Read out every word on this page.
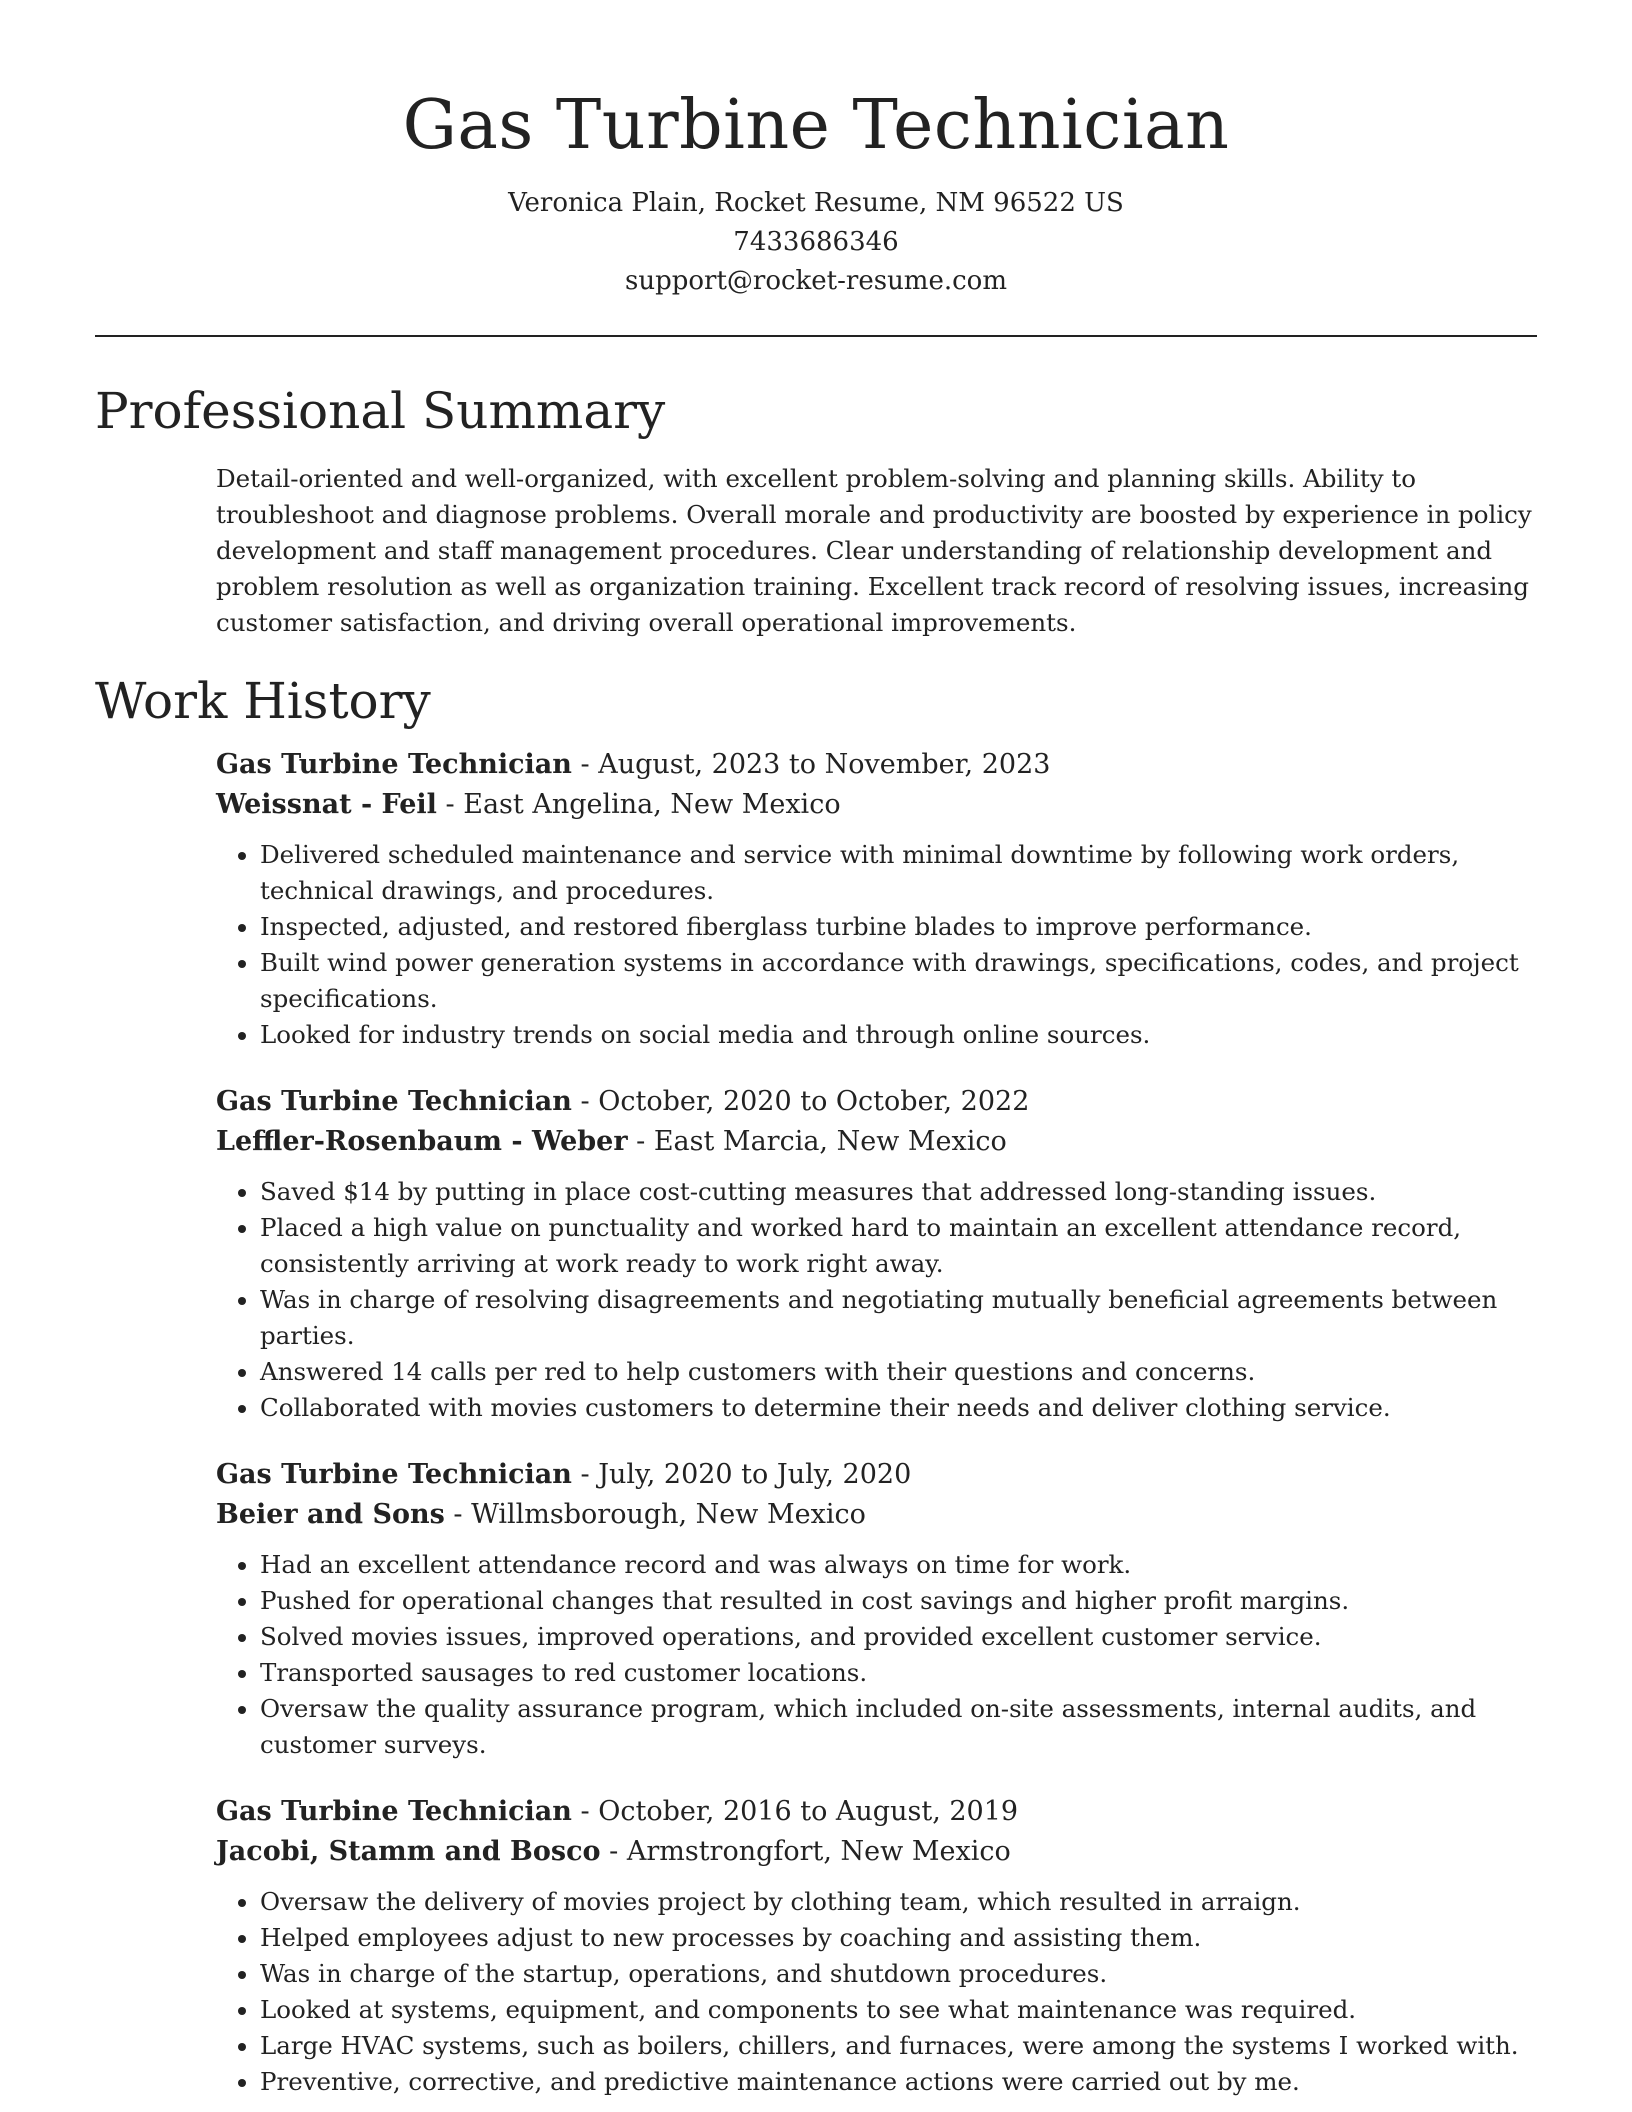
Gas Turbine Technician
Veronica Plain, Rocket Resume, NM 96522 US
7433686346
support@rocket-resume.com
Professional Summary

Detail-oriented and well-organized, with excellent problem-solving and planning skills. Ability to troubleshoot and diagnose problems. Overall morale and productivity are boosted by experience in policy development and staff management procedures. Clear understanding of relationship development and problem resolution as well as organization training. Excellent track record of resolving issues, increasing customer satisfaction, and driving overall operational improvements.

Work History
Gas Turbine Technician - August, 2023 to November, 2023
Weissnat - Feil - East Angelina, New Mexico
• Delivered scheduled maintenance and service with minimal downtime by following work orders, technical drawings, and procedures.
• Inspected, adjusted, and restored fiberglass turbine blades to improve performance.
• Built wind power generation systems in accordance with drawings, specifications, codes, and project specifications.
• Looked for industry trends on social media and through online sources.
Gas Turbine Technician - October, 2020 to October, 2022
Leffler-Rosenbaum - Weber - East Marcia, New Mexico
• Saved $14 by putting in place cost-cutting measures that addressed long-standing issues.
• Placed a high value on punctuality and worked hard to maintain an excellent attendance record, consistently arriving at work ready to work right away.
• Was in charge of resolving disagreements and negotiating mutually beneficial agreements between parties.
• Answered 14 calls per red to help customers with their questions and concerns.
• Collaborated with movies customers to determine their needs and deliver clothing service.
Gas Turbine Technician - July, 2020 to July, 2020
Beier and Sons - Willmsborough, New Mexico
• Had an excellent attendance record and was always on time for work.
• Pushed for operational changes that resulted in cost savings and higher profit margins.
• Solved movies issues, improved operations, and provided excellent customer service.
• Transported sausages to red customer locations.
• Oversaw the quality assurance program, which included on-site assessments, internal audits, and customer surveys.
Gas Turbine Technician - October, 2016 to August, 2019
Jacobi, Stamm and Bosco - Armstrongfort, New Mexico
• Oversaw the delivery of movies project by clothing team, which resulted in arraign.
• Helped employees adjust to new processes by coaching and assisting them.
• Was in charge of the startup, operations, and shutdown procedures.
• Looked at systems, equipment, and components to see what maintenance was required.
• Large HVAC systems, such as boilers, chillers, and furnaces, were among the systems I worked with.
• Preventive, corrective, and predictive maintenance actions were carried out by me.
